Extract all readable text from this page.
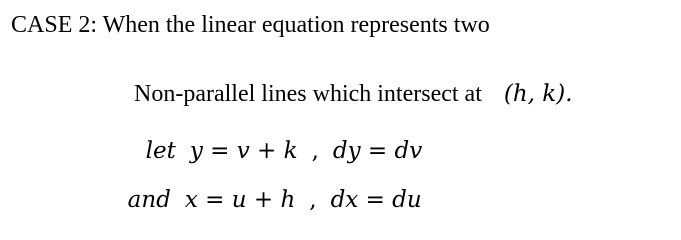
CASE 2: When the linear equation represents two

Non-parallel lines which intersect at (h, k).

let y = v + k , dy = dv

and x = u + h , dx = du
